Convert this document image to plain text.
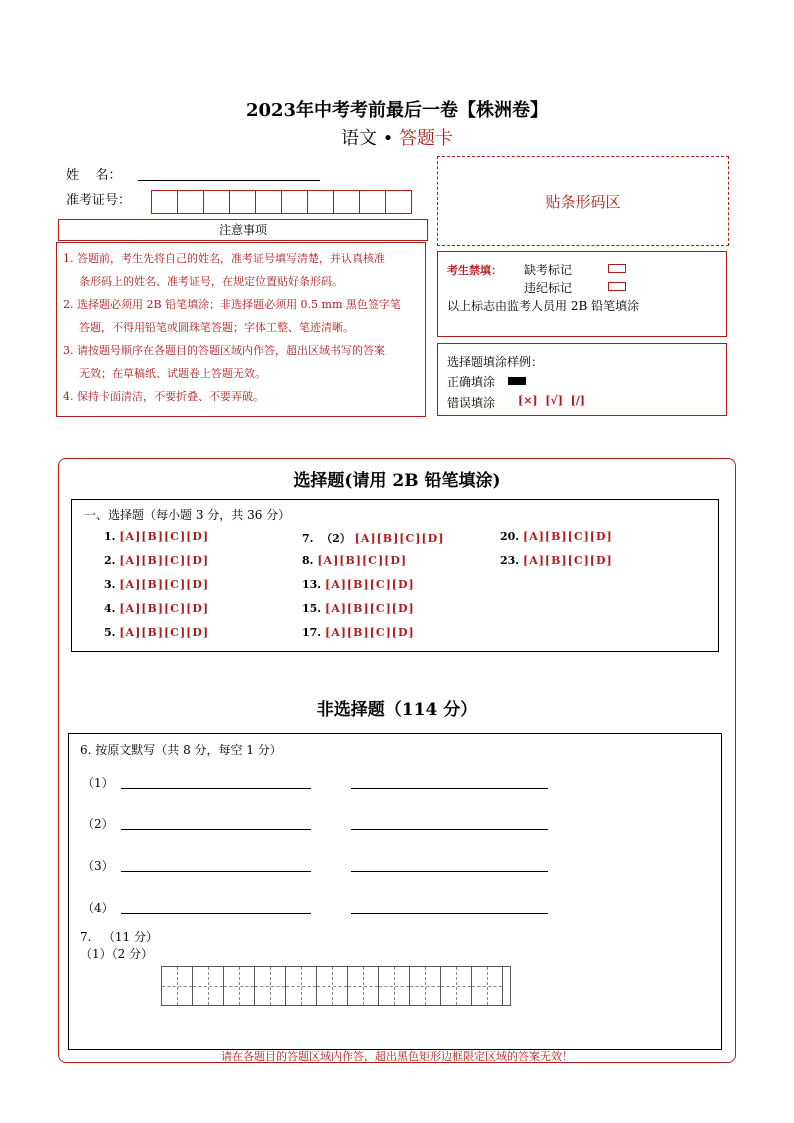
2023年中考考前最后一卷【株洲卷】
语文 • 答题卡
姓    名：
准考证号：	贴条形码区
注意事项

1. 答题前，考生先将自己的姓名，准考证号填写清楚，并认真核准

条形码上的姓名、准考证号，在规定位置贴好条形码。

2. 选择题必须用 2B 铅笔填涂；非选择题必须用 0.5 mm 黑色签字笔

答题，不得用铅笔或圆珠笔答题；字体工整、笔迹清晰。

3. 请按题号顺序在各题目的答题区域内作答，超出区域书写的答案

无效；在草稿纸、试题卷上答题无效。

4. 保持卡面清洁，不要折叠、不要弄破。

考生禁填： 缺考标记
违纪标记
以上标志由监考人员用 2B 铅笔填涂
选择题填涂样例：
正确填涂
错误填涂 [×]  [√]  [/]
选择题(请用 2B 铅笔填涂)
一、选择题（每小题 3 分，共 36 分）
1. [A][B][C][D]
2. [A][B][C][D]
3. [A][B][C][D]
4. [A][B][C][D]
5. [A][B][C][D]
7.  （2） [A][B][C][D]
8. [A][B][C][D]
13. [A][B][C][D]
15. [A][B][C][D]
17. [A][B][C][D]
20. [A][B][C][D]
23. [A][B][C][D]
非选择题（114 分）
6. 按原文默写（共 8 分，每空 1 分）
（1）
（2）
（3）
（4）
7.   （11 分）
（1）（2 分）
请在各题目的答题区域内作答，超出黑色矩形边框限定区域的答案无效！
